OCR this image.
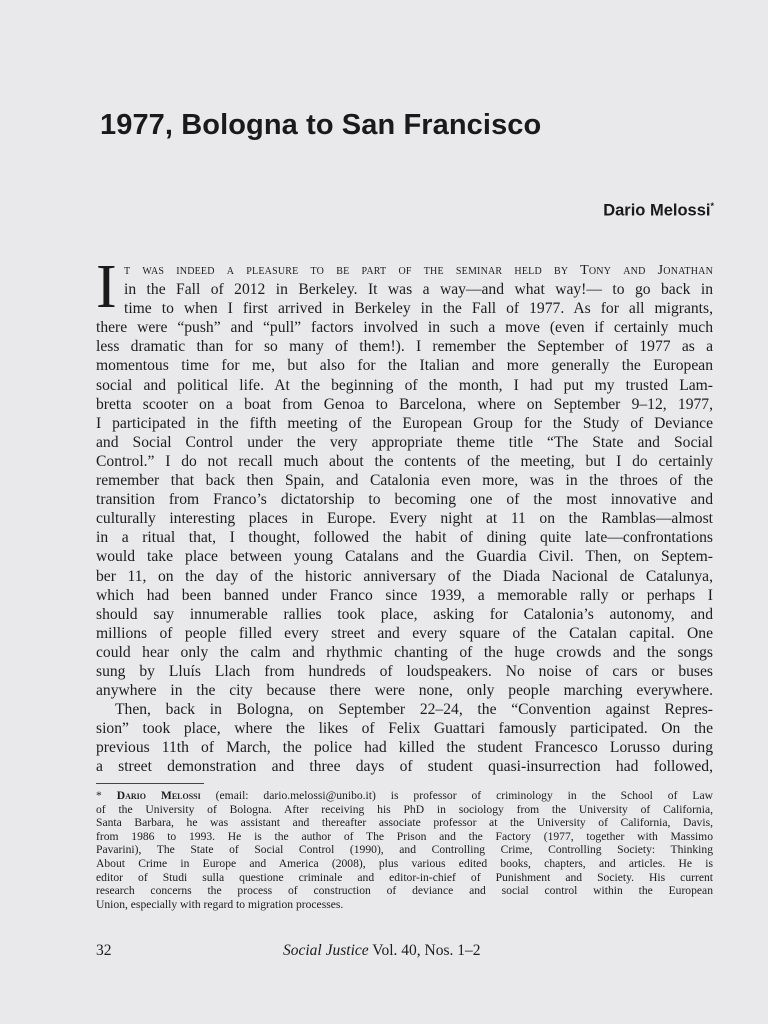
1977, Bologna to San Francisco
Dario Melossi*
I t was indeed a pleasure to be part of the seminar held by Tony and Jonathan
in the Fall of 2012 in Berkeley. It was a way—and what way!— to go back in
time to when I first arrived in Berkeley in the Fall of 1977. As for all migrants,
there were “push” and “pull” factors involved in such a move (even if certainly much
less dramatic than for so many of them!). I remember the September of 1977 as a
momentous time for me, but also for the Italian and more generally the European
social and political life. At the beginning of the month, I had put my trusted Lam-
bretta scooter on a boat from Genoa to Barcelona, where on September 9–12, 1977,
I participated in the fifth meeting of the European Group for the Study of Deviance
and Social Control under the very appropriate theme title “The State and Social
Control.” I do not recall much about the contents of the meeting, but I do certainly
remember that back then Spain, and Catalonia even more, was in the throes of the
transition from Franco’s dictatorship to becoming one of the most innovative and
culturally interesting places in Europe. Every night at 11 on the Ramblas—almost
in a ritual that, I thought, followed the habit of dining quite late—confrontations
would take place between young Catalans and the Guardia Civil. Then, on Septem-
ber 11, on the day of the historic anniversary of the Diada Nacional de Catalunya,
which had been banned under Franco since 1939, a memorable rally or perhaps I
should say innumerable rallies took place, asking for Catalonia’s autonomy, and
millions of people filled every street and every square of the Catalan capital. One
could hear only the calm and rhythmic chanting of the huge crowds and the songs
sung by Lluís Llach from hundreds of loudspeakers. No noise of cars or buses
anywhere in the city because there were none, only people marching everywhere.
Then, back in Bologna, on September 22–24, the “Convention against Repres-
sion” took place, where the likes of Felix Guattari famously participated. On the
previous 11th of March, the police had killed the student Francesco Lorusso during
a street demonstration and three days of student quasi-insurrection had followed,
* Dario Melossi (email: dario.melossi@unibo.it) is professor of criminology in the School of Law
of the University of Bologna. After receiving his PhD in sociology from the University of California,
Santa Barbara, he was assistant and thereafter associate professor at the University of California, Davis,
from 1986 to 1993. He is the author of The Prison and the Factory (1977, together with Massimo
Pavarini), The State of Social Control (1990), and Controlling Crime, Controlling Society: Thinking
About Crime in Europe and America (2008), plus various edited books, chapters, and articles. He is
editor of Studi sulla questione criminale and editor-in-chief of Punishment and Society. His current
research concerns the process of construction of deviance and social control within the European
Union, especially with regard to migration processes.
32	Social Justice Vol. 40, Nos. 1–2
